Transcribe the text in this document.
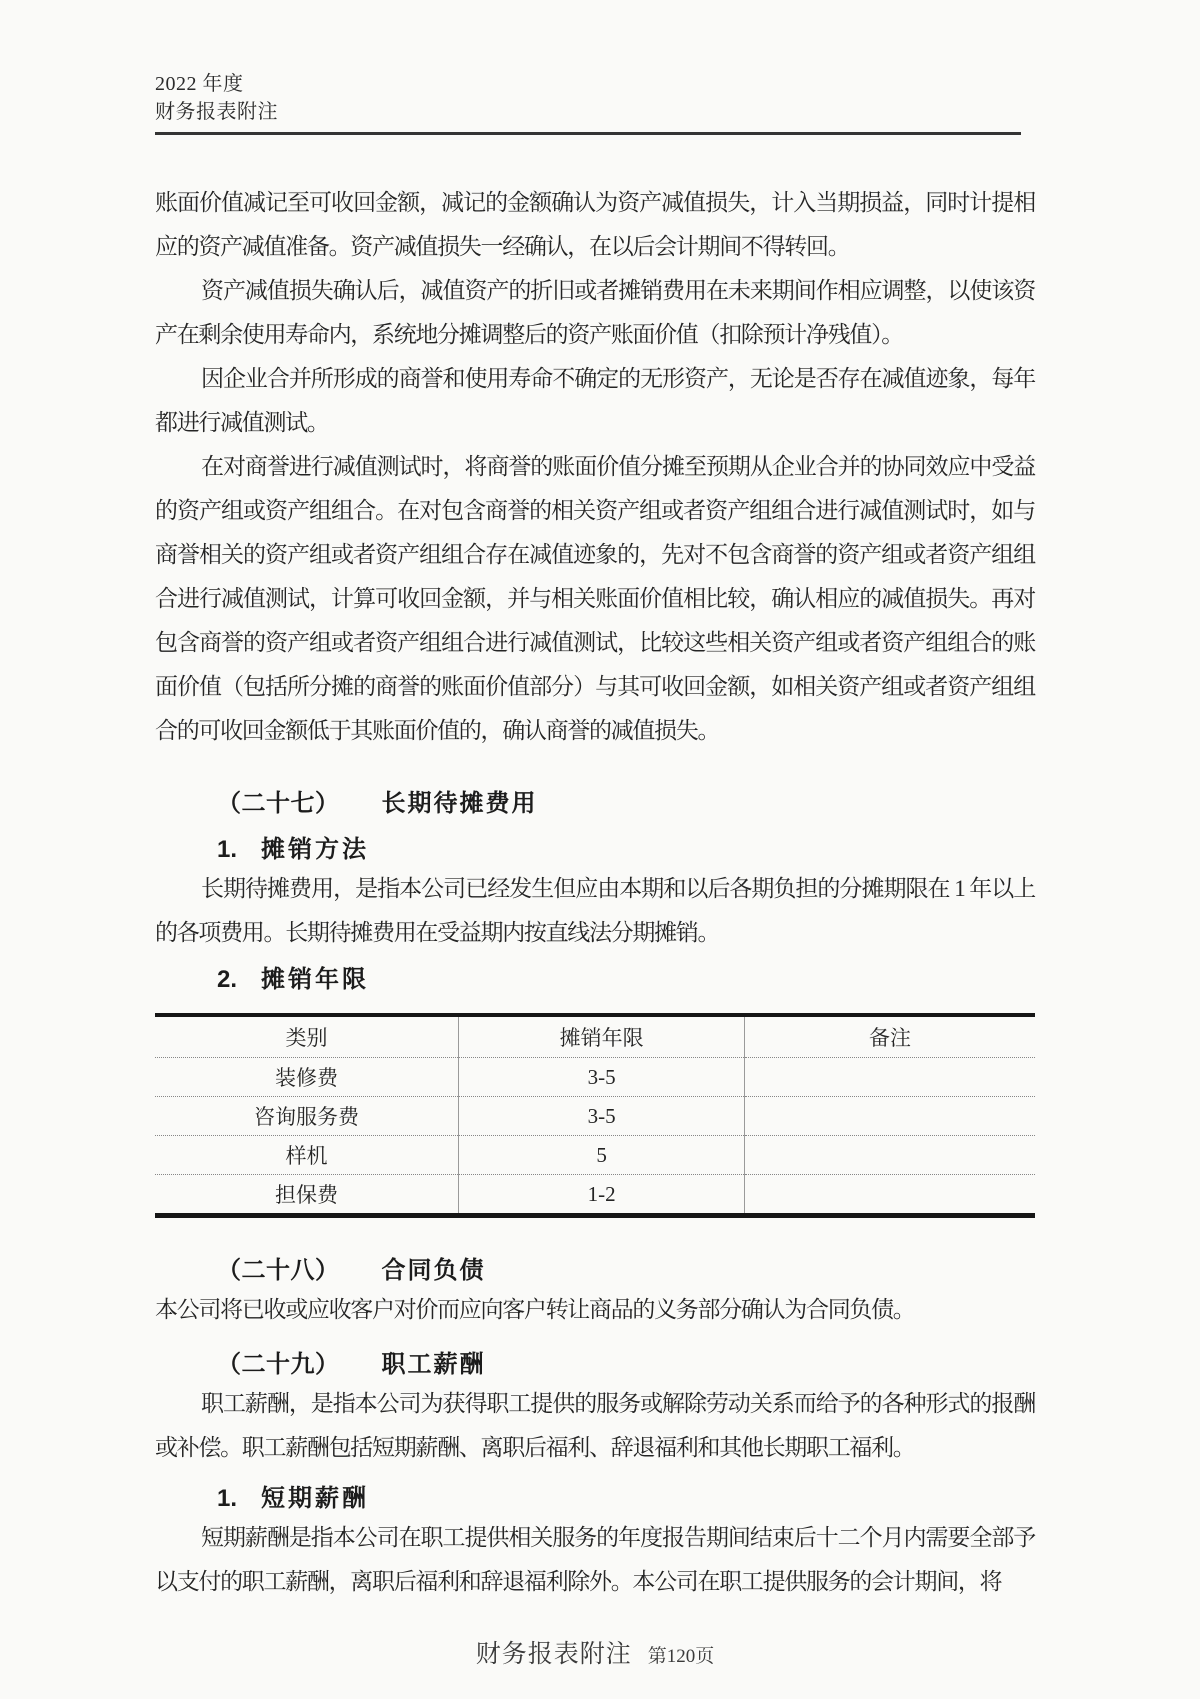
2022 年度
财务报表附注

账面价值减记至可收回金额，减记的金额确认为资产减值损失，计入当期损益，同时计提相应的资产减值准备。资产减值损失一经确认，在以后会计期间不得转回。

资产减值损失确认后，减值资产的折旧或者摊销费用在未来期间作相应调整，以使该资产在剩余使用寿命内，系统地分摊调整后的资产账面价值（扣除预计净残值）。

因企业合并所形成的商誉和使用寿命不确定的无形资产，无论是否存在减值迹象，每年都进行减值测试。

在对商誉进行减值测试时，将商誉的账面价值分摊至预期从企业合并的协同效应中受益的资产组或资产组组合。在对包含商誉的相关资产组或者资产组组合进行减值测试时，如与商誉相关的资产组或者资产组组合存在减值迹象的，先对不包含商誉的资产组或者资产组组合进行减值测试，计算可收回金额，并与相关账面价值相比较，确认相应的减值损失。再对包含商誉的资产组或者资产组组合进行减值测试，比较这些相关资产组或者资产组组合的账面价值（包括所分摊的商誉的账面价值部分）与其可收回金额，如相关资产组或者资产组组合的可收回金额低于其账面价值的，确认商誉的减值损失。

（二十七） 长期待摊费用
1. 摊销方法

长期待摊费用，是指本公司已经发生但应由本期和以后各期负担的分摊期限在 1 年以上的各项费用。长期待摊费用在受益期内按直线法分期摊销。

2. 摊销年限
类别	摊销年限	备注
装修费	3-5	
咨询服务费	3-5	
样机	5	
担保费	1-2	
（二十八） 合同负债

本公司将已收或应收客户对价而应向客户转让商品的义务部分确认为合同负债。

（二十九） 职工薪酬

职工薪酬，是指本公司为获得职工提供的服务或解除劳动关系而给予的各种形式的报酬或补偿。职工薪酬包括短期薪酬、离职后福利、辞退福利和其他长期职工福利。

1. 短期薪酬

短期薪酬是指本公司在职工提供相关服务的年度报告期间结束后十二个月内需要全部予以支付的职工薪酬，离职后福利和辞退福利除外。本公司在职工提供服务的会计期间，将

财务报表附注 第120页
